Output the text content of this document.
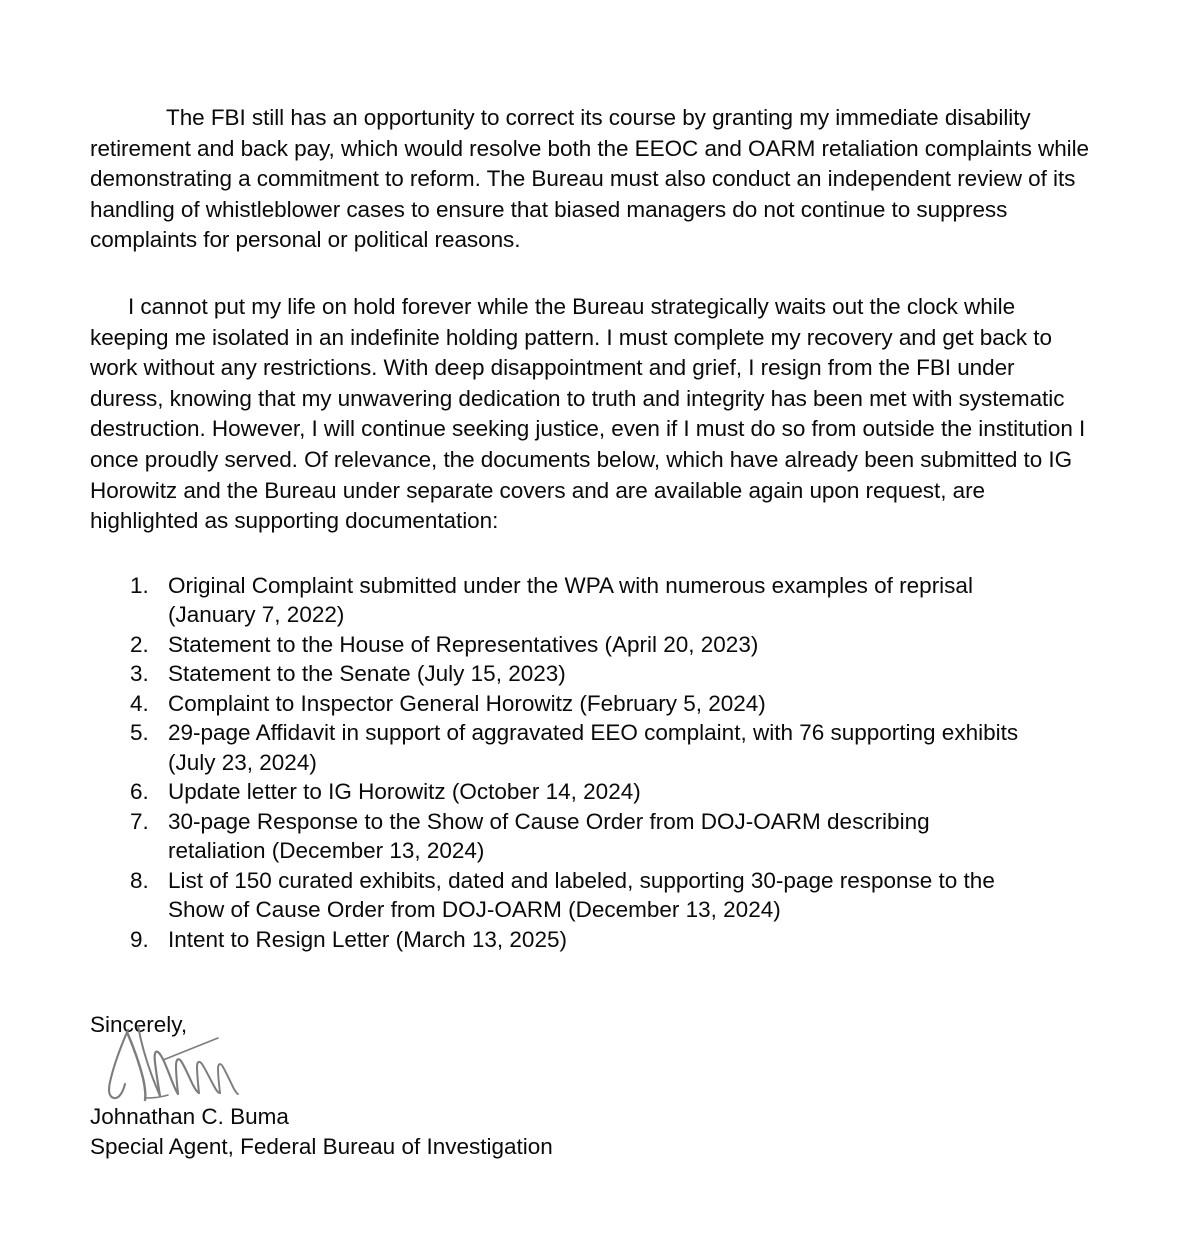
The FBI still has an opportunity to correct its course by granting my immediate disability retirement and back pay, which would resolve both the EEOC and OARM retaliation complaints while demonstrating a commitment to reform. The Bureau must also conduct an independent review of its handling of whistleblower cases to ensure that biased managers do not continue to suppress complaints for personal or political reasons.

I cannot put my life on hold forever while the Bureau strategically waits out the clock while keeping me isolated in an indefinite holding pattern. I must complete my recovery and get back to work without any restrictions. With deep disappointment and grief, I resign from the FBI under duress, knowing that my unwavering dedication to truth and integrity has been met with systematic destruction. However, I will continue seeking justice, even if I must do so from outside the institution I once proudly served. Of relevance, the documents below, which have already been submitted to IG Horowitz and the Bureau under separate covers and are available again upon request, are highlighted as supporting documentation:

1. Original Complaint submitted under the WPA with numerous examples of reprisal (January 7, 2022)
2. Statement to the House of Representatives (April 20, 2023)
3. Statement to the Senate (July 15, 2023)
4. Complaint to Inspector General Horowitz (February 5, 2024)
5. 29-page Affidavit in support of aggravated EEO complaint, with 76 supporting exhibits (July 23, 2024)
6. Update letter to IG Horowitz (October 14, 2024)
7. 30-page Response to the Show of Cause Order from DOJ-OARM describing retaliation (December 13, 2024)
8. List of 150 curated exhibits, dated and labeled, supporting 30-page response to the Show of Cause Order from DOJ-OARM (December 13, 2024)
9. Intent to Resign Letter (March 13, 2025)

Sincerely,

Johnathan C. Buma

Special Agent, Federal Bureau of Investigation
